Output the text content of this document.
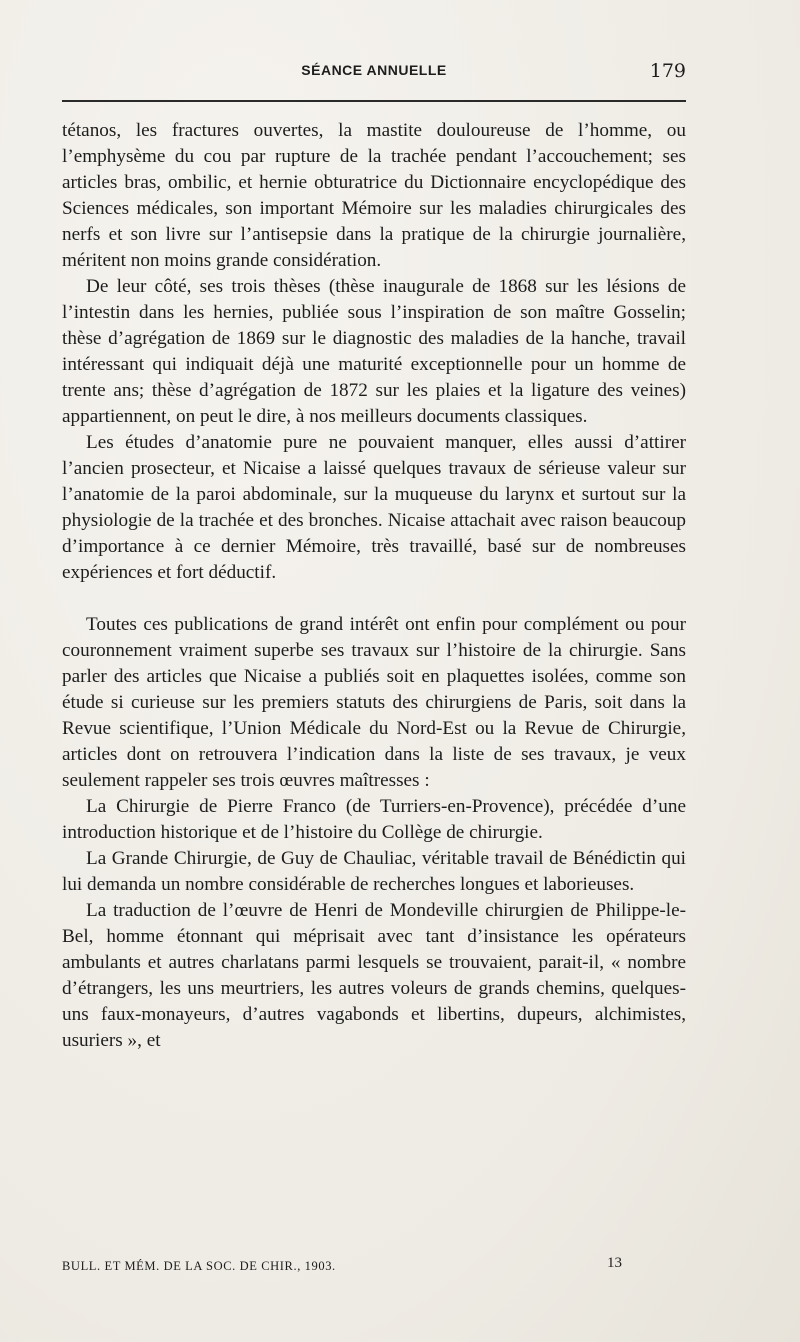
SÉANCE ANNUELLE	179

tétanos, les fractures ouvertes, la mastite douloureuse de l’homme, ou l’emphysème du cou par rupture de la trachée pendant l’accouchement; ses articles bras, ombilic, et hernie obturatrice du Dictionnaire encyclopédique des Sciences médicales, son important Mémoire sur les maladies chirurgicales des nerfs et son livre sur l’antisepsie dans la pratique de la chirurgie journalière, méritent non moins grande considération.

De leur côté, ses trois thèses (thèse inaugurale de 1868 sur les lésions de l’intestin dans les hernies, publiée sous l’inspiration de son maître Gosselin; thèse d’agrégation de 1869 sur le diagnostic des maladies de la hanche, travail intéressant qui indiquait déjà une maturité exceptionnelle pour un homme de trente ans; thèse d’agrégation de 1872 sur les plaies et la ligature des veines) appartiennent, on peut le dire, à nos meilleurs documents classiques.

Les études d’anatomie pure ne pouvaient manquer, elles aussi d’attirer l’ancien prosecteur, et Nicaise a laissé quelques travaux de sérieuse valeur sur l’anatomie de la paroi abdominale, sur la muqueuse du larynx et surtout sur la physiologie de la trachée et des bronches. Nicaise attachait avec raison beaucoup d’importance à ce dernier Mémoire, très travaillé, basé sur de nombreuses expériences et fort déductif.

Toutes ces publications de grand intérêt ont enfin pour complément ou pour couronnement vraiment superbe ses travaux sur l’histoire de la chirurgie. Sans parler des articles que Nicaise a publiés soit en plaquettes isolées, comme son étude si curieuse sur les premiers statuts des chirurgiens de Paris, soit dans la Revue scientifique, l’Union Médicale du Nord-Est ou la Revue de Chirurgie, articles dont on retrouvera l’indication dans la liste de ses travaux, je veux seulement rappeler ses trois œuvres maîtresses :

La Chirurgie de Pierre Franco (de Turriers-en-Provence), précédée d’une introduction historique et de l’histoire du Collège de chirurgie.

La Grande Chirurgie, de Guy de Chauliac, véritable travail de Bénédictin qui lui demanda un nombre considérable de recherches longues et laborieuses.

La traduction de l’œuvre de Henri de Mondeville chirurgien de Philippe-le-Bel, homme étonnant qui méprisait avec tant d’insistance les opérateurs ambulants et autres charlatans parmi lesquels se trouvaient, parait-il, « nombre d’étrangers, les uns meurtriers, les autres voleurs de grands chemins, quelques-uns faux-monayeurs, d’autres vagabonds et libertins, dupeurs, alchimistes, usuriers », et

BULL. ET MÉM. DE LA SOC. DE CHIR., 1903.	13
